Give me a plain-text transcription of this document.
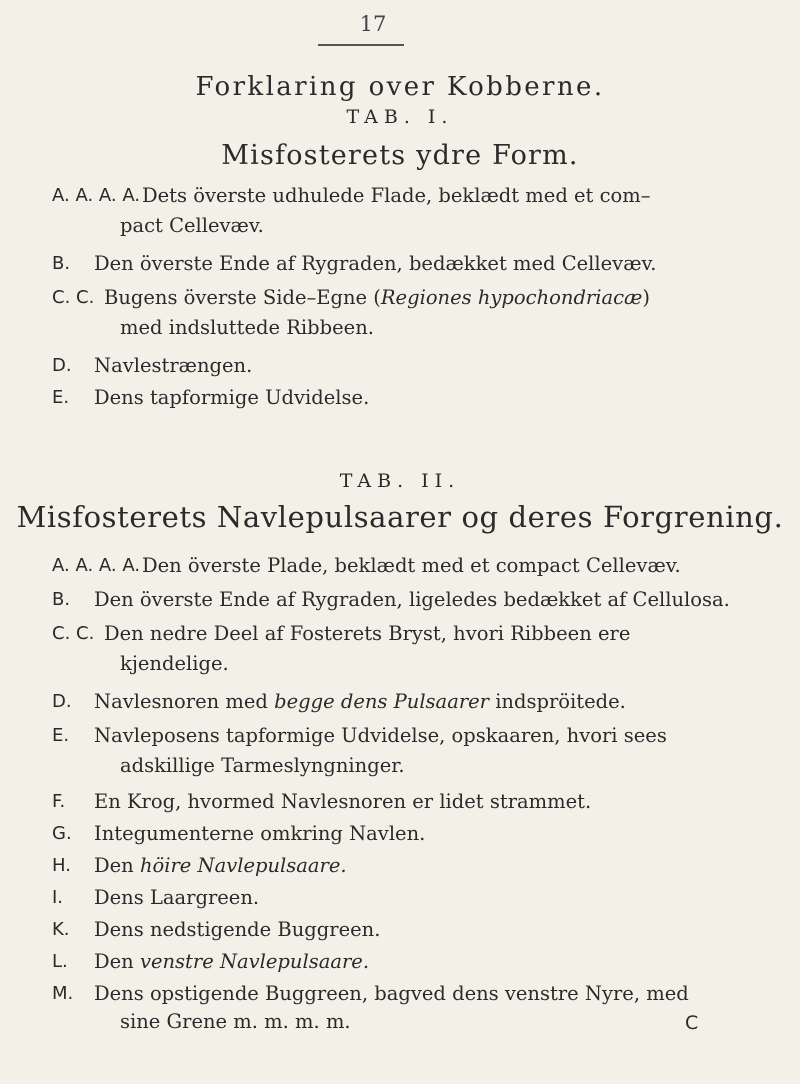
17
Forklaring over Kobberne.
TAB. I.
Misfosterets ydre Form.
A. A. A. A. Dets överste udhulede Flade, beklædt med et com–
pact Cellevæv.
B. Den överste Ende af Rygraden, bedækket med Cellevæv.
C. C. Bugens överste Side–Egne (Regiones hypochondriacæ)
med indsluttede Ribbeen.
D. Navlestrængen.
E. Dens tapformige Udvidelse.
TAB. II.
Misfosterets Navlepulsaarer og deres Forgrening.
A. A. A. A. Den överste Plade, beklædt med et compact Cellevæv.
B. Den överste Ende af Rygraden, ligeledes bedækket af Cellulosa.
C. C. Den nedre Deel af Fosterets Bryst, hvori Ribbeen ere
kjendelige.
D. Navlesnoren med begge dens Pulsaarer indspröitede.
E. Navleposens tapformige Udvidelse, opskaaren, hvori sees
adskillige Tarmeslyngninger.
F. En Krog, hvormed Navlesnoren er lidet strammet.
G. Integumenterne omkring Navlen.
H. Den höire Navlepulsaare.
I. Dens Laargreen.
K. Dens nedstigende Buggreen.
L. Den venstre Navlepulsaare.
M. Dens opstigende Buggreen, bagved dens venstre Nyre, med
sine Grene m. m. m. m.	C
